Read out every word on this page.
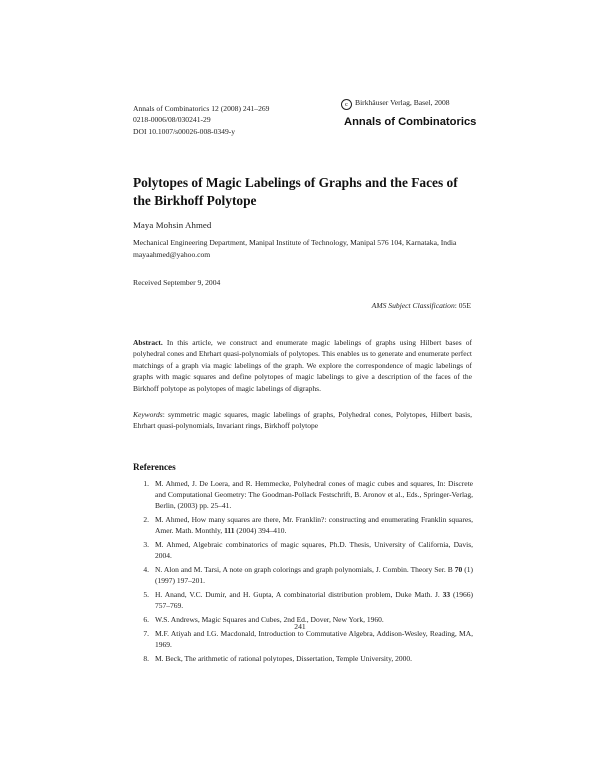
Annals of Combinatorics 12 (2008) 241–269
0218-0006/08/030241-29
DOI 10.1007/s00026-008-0349-y
c Birkhäuser Verlag, Basel, 2008
Annals of Combinatorics
Polytopes of Magic Labelings of Graphs and the Faces of the Birkhoff Polytope
Maya Mohsin Ahmed
Mechanical Engineering Department, Manipal Institute of Technology, Manipal 576 104, Karnataka, India
mayaahmed@yahoo.com
Received September 9, 2004
AMS Subject Classification: 05E
Abstract. In this article, we construct and enumerate magic labelings of graphs using Hilbert bases of polyhedral cones and Ehrhart quasi-polynomials of polytopes. This enables us to generate and enumerate perfect matchings of a graph via magic labelings of the graph. We explore the correspondence of magic labelings of graphs with magic squares and define polytopes of magic labelings to give a description of the faces of the Birkhoff polytope as polytopes of magic labelings of digraphs.
Keywords: symmetric magic squares, magic labelings of graphs, Polyhedral cones, Polytopes, Hilbert basis, Ehrhart quasi-polynomials, Invariant rings, Birkhoff polytope
References
1. M. Ahmed, J. De Loera, and R. Hemmecke, Polyhedral cones of magic cubes and squares, In: Discrete and Computational Geometry: The Goodman-Pollack Festschrift, B. Aronov et al., Eds., Springer-Verlag, Berlin, (2003) pp. 25–41.
2. M. Ahmed, How many squares are there, Mr. Franklin?: constructing and enumerating Franklin squares, Amer. Math. Monthly, 111 (2004) 394–410.
3. M. Ahmed, Algebraic combinatorics of magic squares, Ph.D. Thesis, University of California, Davis, 2004.
4. N. Alon and M. Tarsi, A note on graph colorings and graph polynomials, J. Combin. Theory Ser. B 70 (1) (1997) 197–201.
5. H. Anand, V.C. Dumir, and H. Gupta, A combinatorial distribution problem, Duke Math. J. 33 (1966) 757–769.
6. W.S. Andrews, Magic Squares and Cubes, 2nd Ed., Dover, New York, 1960.
7. M.F. Atiyah and I.G. Macdonald, Introduction to Commutative Algebra, Addison-Wesley, Reading, MA, 1969.
8. M. Beck, The arithmetic of rational polytopes, Dissertation, Temple University, 2000.
241
